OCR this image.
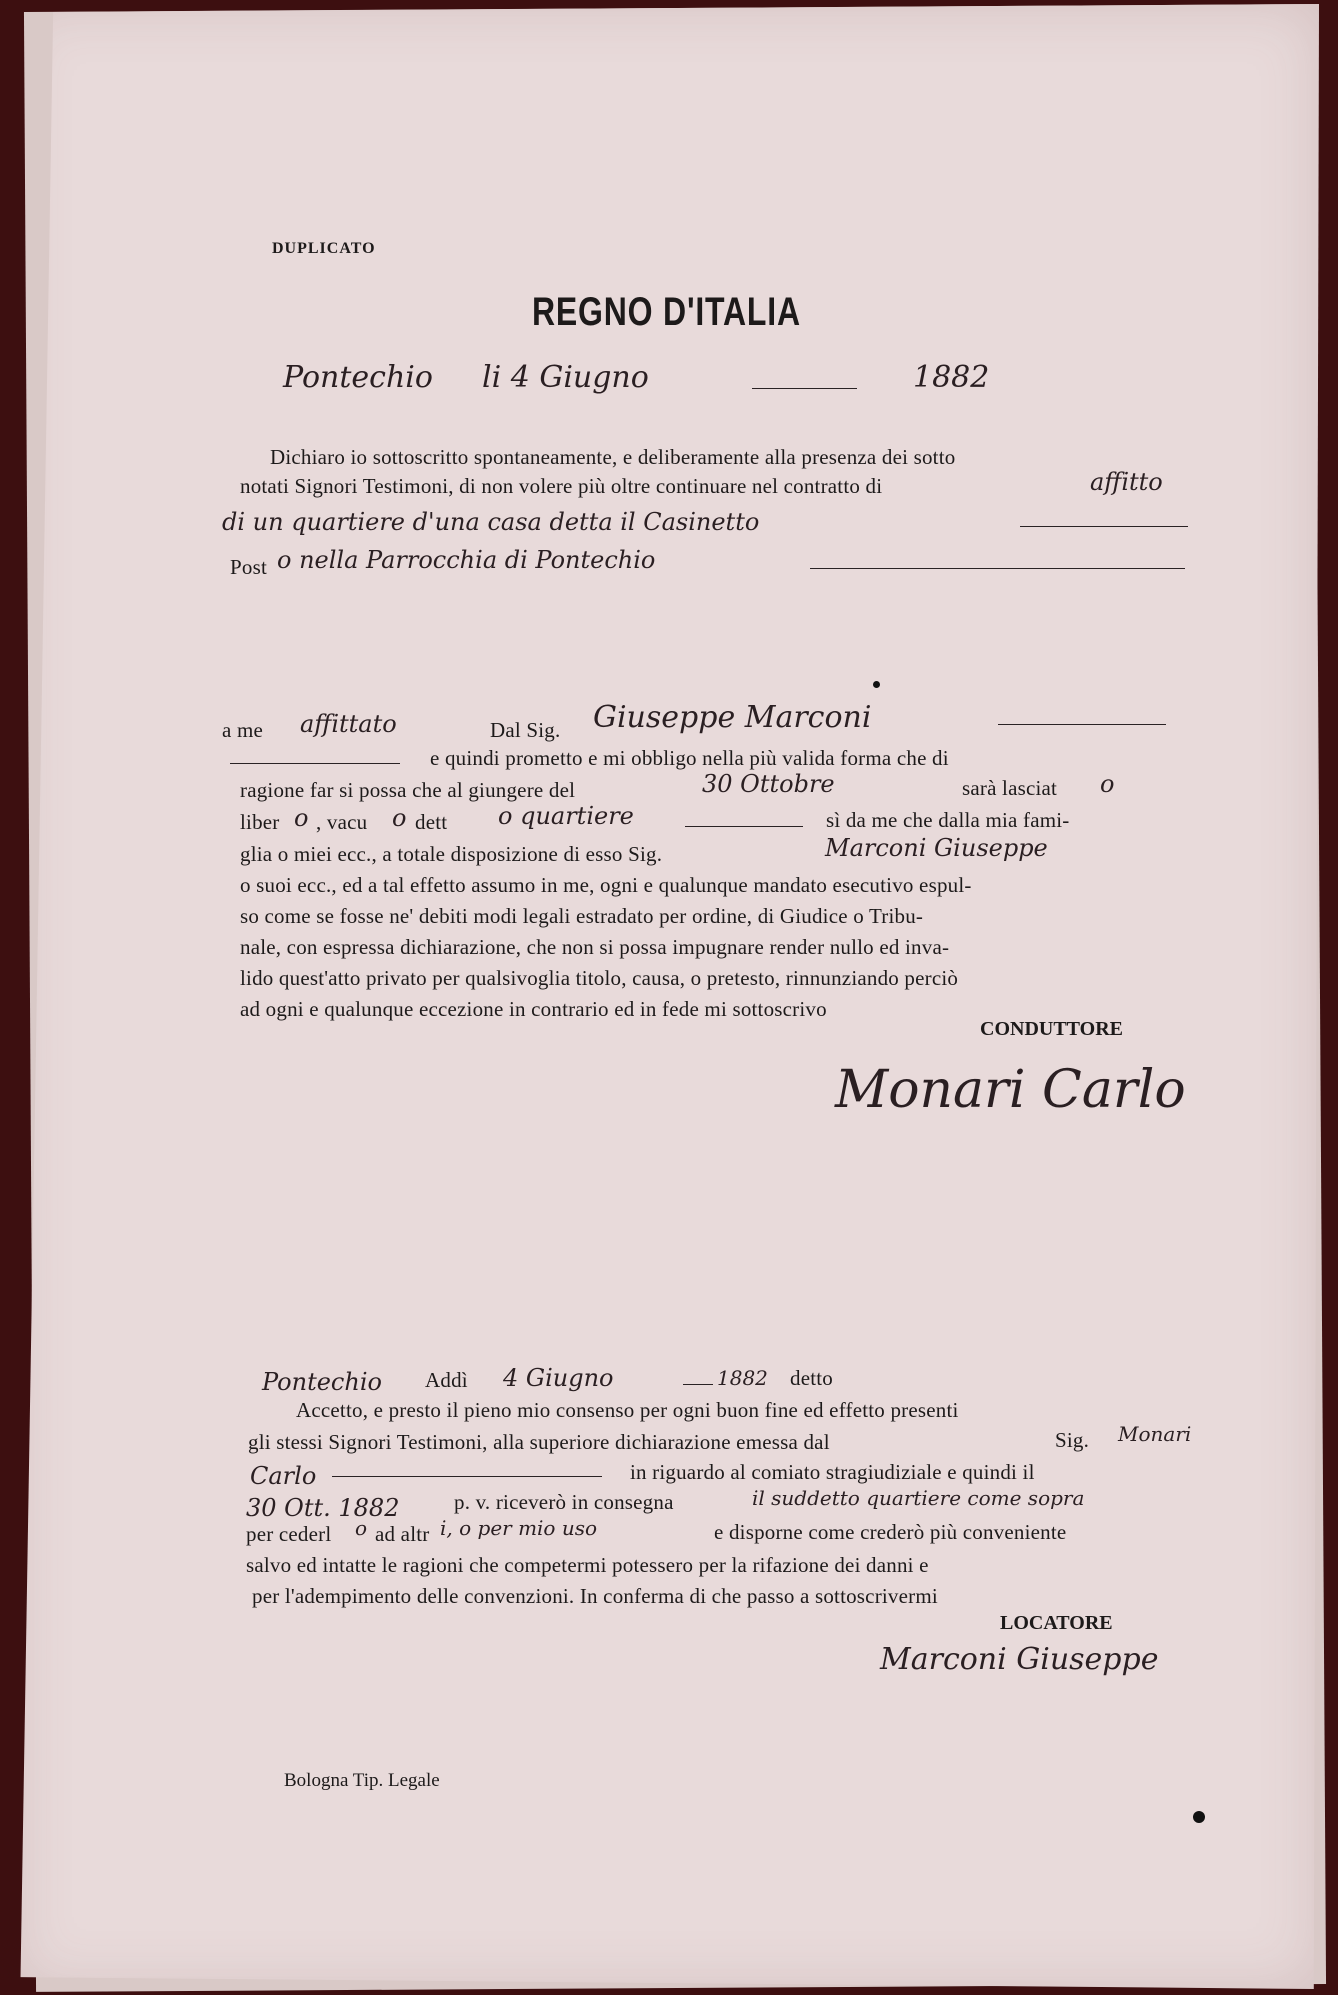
DUPLICATO
REGNO D'ITALIA
Pontechio li 4 Giugno	1882
Dichiaro io sottoscritto spontaneamente, e deliberamente alla presenza dei sotto
notati Signori Testimoni, di non volere più oltre continuare nel contratto di	affitto
di un quartiere d'una casa detta il Casinetto
Post o nella Parrocchia di Pontechio
a me affittato	Dal Sig. Giuseppe Marconi
e quindi prometto e mi obbligo nella più valida forma che di
ragione far si possa che al giungere del	30 Ottobre	sarà lasciat o
liber o , vacu o dett o quartiere	sì da me che dalla mia fami-
glia o miei ecc., a totale disposizione di esso Sig.	Marconi Giuseppe
o suoi ecc., ed a tal effetto assumo in me, ogni e qualunque mandato esecutivo espul-
so come se fosse ne' debiti modi legali estradato per ordine, di Giudice o Tribu-
nale, con espressa dichiarazione, che non si possa impugnare render nullo ed inva-
lido quest'atto privato per qualsivoglia titolo, causa, o pretesto, rinnunziando perciò
ad ogni e qualunque eccezione in contrario ed in fede mi sottoscrivo
CONDUTTORE
Monari Carlo
Pontechio Addì 4 Giugno	1882 detto
Accetto, e presto il pieno mio consenso per ogni buon fine ed effetto presenti
gli stessi Signori Testimoni, alla superiore dichiarazione emessa dal	Sig. Monari
Carlo	in riguardo al comiato stragiudiziale e quindi il
30 Ott. 1882	p. v. riceverò in consegna	il suddetto quartiere come sopra
per cederl o ad altr i, o per mio uso	e disporne come crederò più conveniente
salvo ed intatte le ragioni che competermi potessero per la rifazione dei danni e
per l'adempimento delle convenzioni. In conferma di che passo a sottoscrivermi
LOCATORE
Marconi Giuseppe
Bologna Tip. Legale
